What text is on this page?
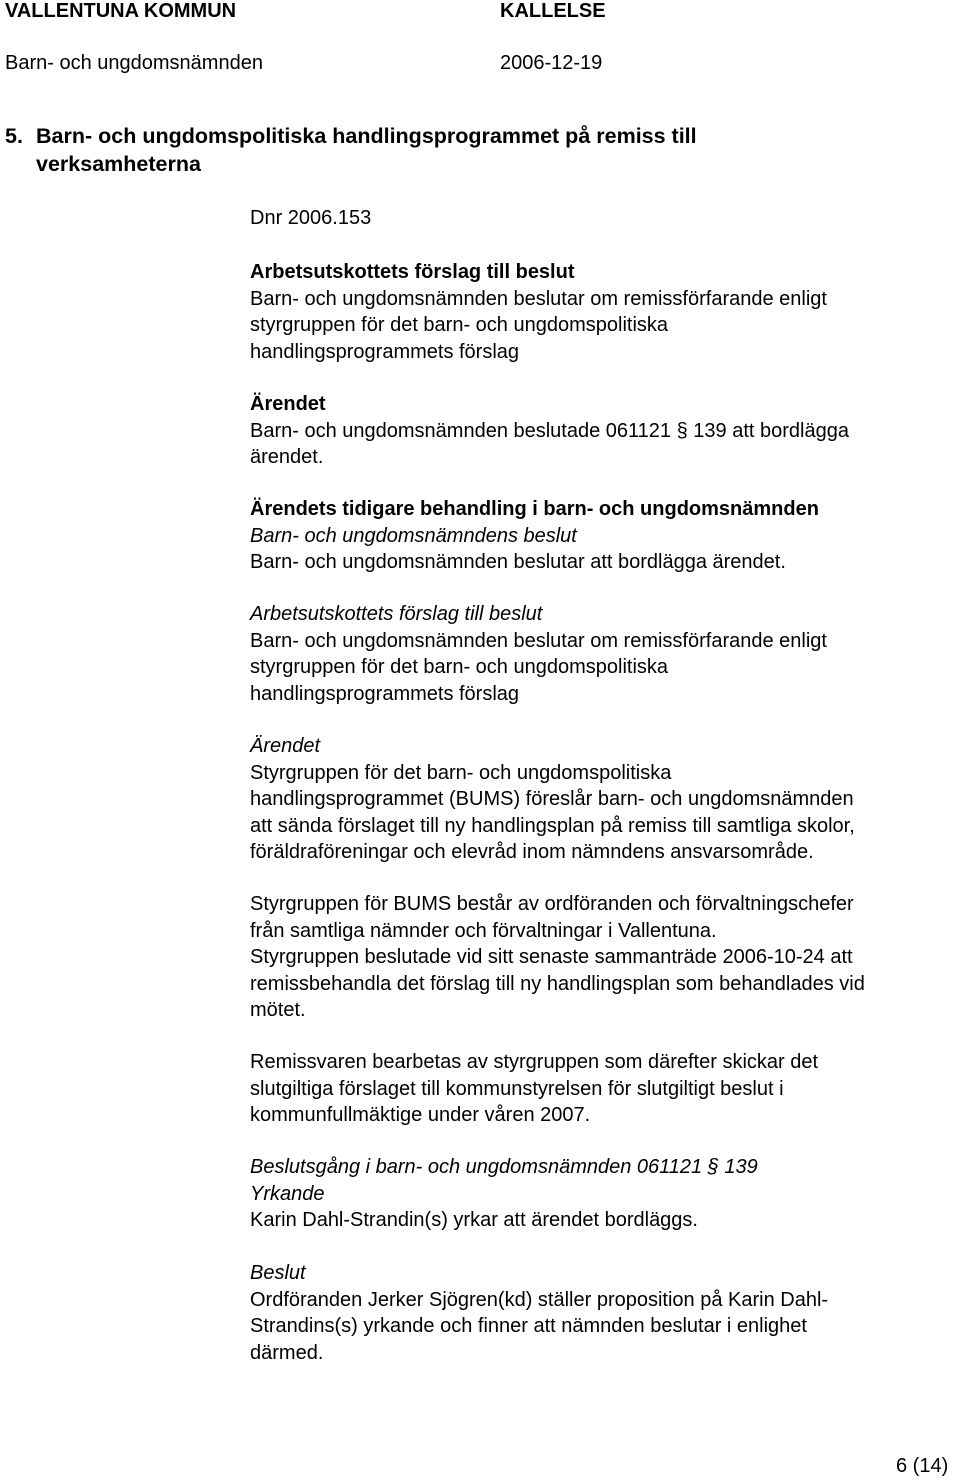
VALLENTUNA KOMMUN	KALLELSE
Barn- och ungdomsnämnden	2006-12-19
5. Barn- och ungdomspolitiska handlingsprogrammet på remiss till
verksamheterna
Dnr 2006.153
Arbetsutskottets förslag till beslut
Barn- och ungdomsnämnden beslutar om remissförfarande enligt
styrgruppen för det barn- och ungdomspolitiska
handlingsprogrammets förslag
Ärendet
Barn- och ungdomsnämnden beslutade 061121 § 139 att bordlägga
ärendet.
Ärendets tidigare behandling i barn- och ungdomsnämnden
Barn- och ungdomsnämndens beslut
Barn- och ungdomsnämnden beslutar att bordlägga ärendet.
Arbetsutskottets förslag till beslut
Barn- och ungdomsnämnden beslutar om remissförfarande enligt
styrgruppen för det barn- och ungdomspolitiska
handlingsprogrammets förslag
Ärendet
Styrgruppen för det barn- och ungdomspolitiska
handlingsprogrammet (BUMS) föreslår barn- och ungdomsnämnden
att sända förslaget till ny handlingsplan på remiss till samtliga skolor,
föräldraföreningar och elevråd inom nämndens ansvarsområde.
Styrgruppen för BUMS består av ordföranden och förvaltningschefer
från samtliga nämnder och förvaltningar i Vallentuna.
Styrgruppen beslutade vid sitt senaste sammanträde 2006-10-24 att
remissbehandla det förslag till ny handlingsplan som behandlades vid
mötet.
Remissvaren bearbetas av styrgruppen som därefter skickar det
slutgiltiga förslaget till kommunstyrelsen för slutgiltigt beslut i
kommunfullmäktige under våren 2007.
Beslutsgång i barn- och ungdomsnämnden 061121 § 139
Yrkande
Karin Dahl-Strandin(s) yrkar att ärendet bordläggs.
Beslut
Ordföranden Jerker Sjögren(kd) ställer proposition på Karin Dahl-
Strandins(s) yrkande och finner att nämnden beslutar i enlighet
därmed.
6 (14)
